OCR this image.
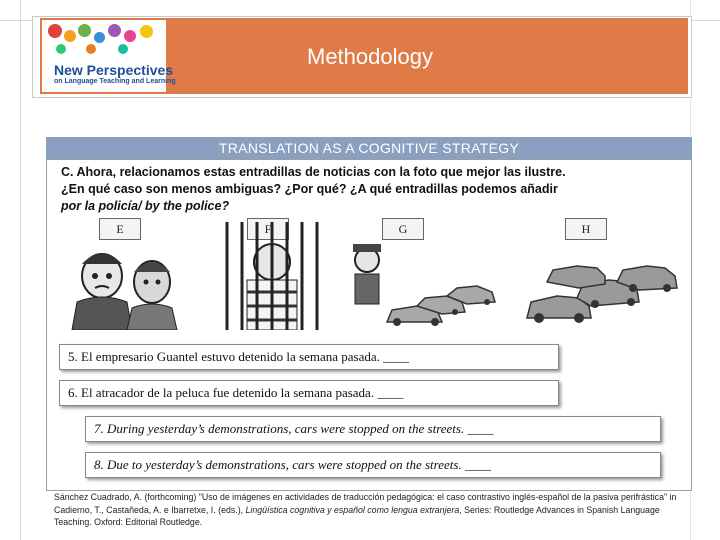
New Perspectives
on Language Teaching and Learning
Methodology
TRANSLATION AS A COGNITIVE STRATEGY
C. Ahora, relacionamos estas entradillas de noticias con la foto que mejor las ilustre.
¿En qué caso son menos ambiguas? ¿Por qué? ¿A qué entradillas podemos añadir
por la policía/ by the police?
E	F	G	H
5. El empresario Guantel estuvo detenido la semana pasada. ____
6. El atracador de la peluca fue detenido la semana pasada. ____
7. During yesterday’s demonstrations, cars were stopped on the streets. ____
8. Due to yesterday’s demonstrations, cars were stopped on the streets. ____
Sánchez Cuadrado, A. (forthcoming) "Uso de imágenes en actividades de traducción pedagógica: el caso contrastivo inglés-español de la pasiva perifrástica" in Cadierno, T., Castañeda, A. e Ibarretxe, I. (eds.), Lingüística cognitiva y español como lengua extranjera, Series: Routledge Advances in Spanish Language Teaching. Oxford: Editorial Routledge.
